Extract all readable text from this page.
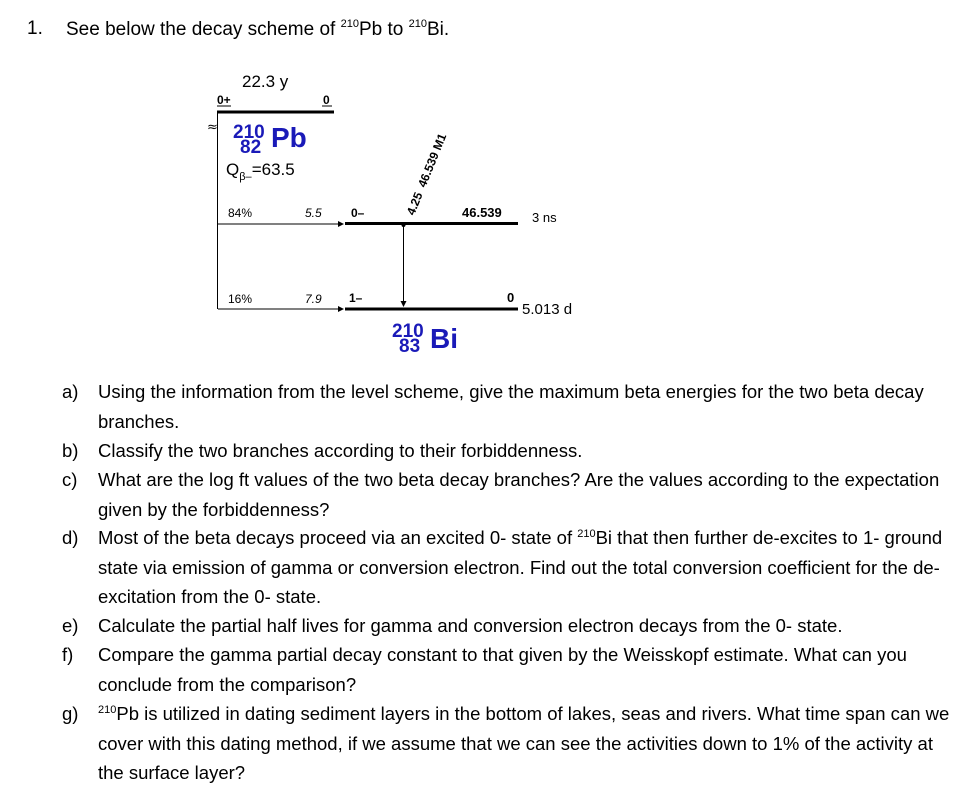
1. See below the decay scheme of $^{210}$Pb to $^{210}$Bi.
22.3 y
0+	0
≈ 210
82 Pb
$Q_{\beta-}=63.5$
84%	5.5 0–	46.539 3 ns
4.25  46.539 M1
16%	7.9 1–	0
5.013 d
210
83 Bi
a) Using the information from the level scheme, give the maximum beta energies for the two beta decay branches.

b) Classify the two branches according to their forbiddenness.

c) What are the log ft values of the two beta decay branches? Are the values according to the expectation given by the forbiddenness?

d) Most of the beta decays proceed via an excited 0- state of $^{210}$Bi that then further de-excites to 1- ground state via emission of gamma or conversion electron. Find out the total conversion coefficient for the de-excitation from the 0- state.

e) Calculate the partial half lives for gamma and conversion electron decays from the 0- state.

f) Compare the gamma partial decay constant to that given by the Weisskopf estimate. What can you conclude from the comparison?

g) $^{210}$Pb is utilized in dating sediment layers in the bottom of lakes, seas and rivers. What time span can we cover with this dating method, if we assume that we can see the activities down to 1% of the activity at the surface layer?
